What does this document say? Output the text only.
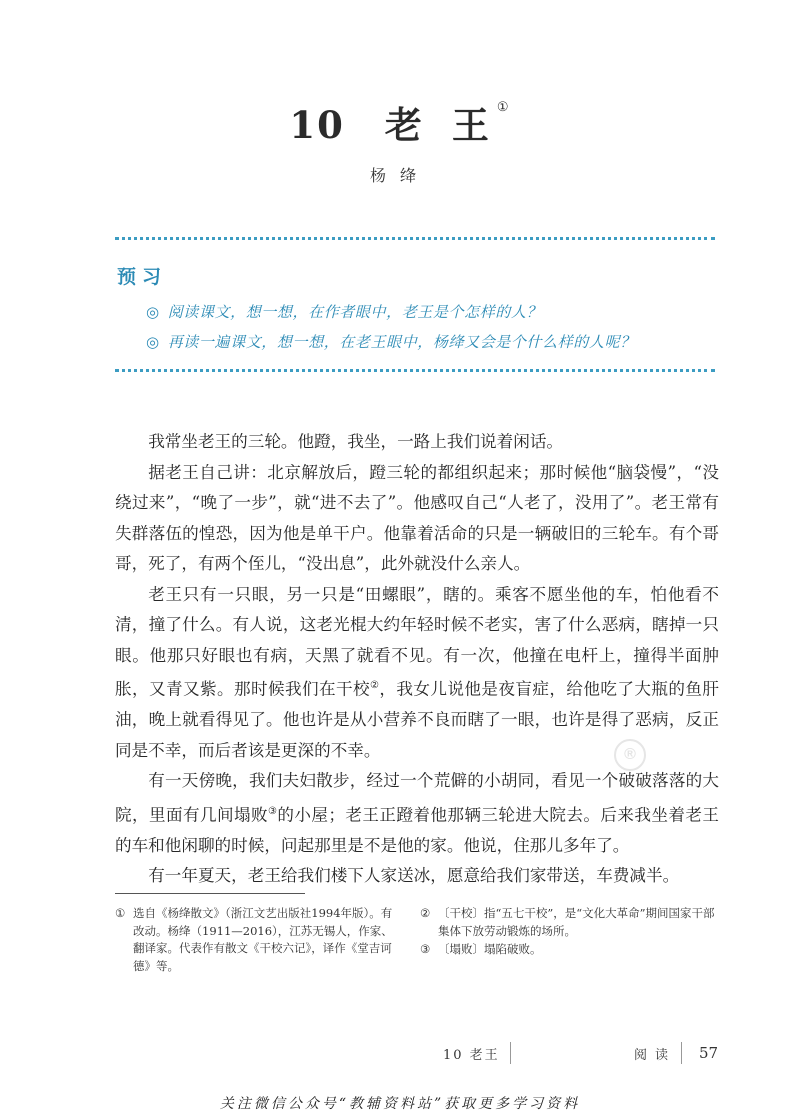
10 老 王 ①
杨绛
预习
◎ 阅读课文，想一想，在作者眼中，老王是个怎样的人？
◎ 再读一遍课文，想一想，在老王眼中，杨绛又会是个什么样的人呢？

我常坐老王的三轮。他蹬，我坐，一路上我们说着闲话。

据老王自己讲：北京解放后，蹬三轮的都组织起来；那时候他“脑袋慢”，“没绕过来”，“晚了一步”，就“进不去了”。他感叹自己“人老了，没用了”。老王常有失群落伍的惶恐，因为他是单干户。他靠着活命的只是一辆破旧的三轮车。有个哥哥，死了，有两个侄儿，“没出息”，此外就没什么亲人。

老王只有一只眼，另一只是“田螺眼”，瞎的。乘客不愿坐他的车，怕他看不清，撞了什么。有人说，这老光棍大约年轻时候不老实，害了什么恶病，瞎掉一只眼。他那只好眼也有病，天黑了就看不见。有一次，他撞在电杆上，撞得半面肿胀，又青又紫。那时候我们在干校②，我女儿说他是夜盲症，给他吃了大瓶的鱼肝油，晚上就看得见了。他也许是从小营养不良而瞎了一眼，也许是得了恶病，反正同是不幸，而后者该是更深的不幸。

有一天傍晚，我们夫妇散步，经过一个荒僻的小胡同，看见一个破破落落的大院，里面有几间塌败③的小屋；老王正蹬着他那辆三轮进大院去。后来我坐着老王的车和他闲聊的时候，问起那里是不是他的家。他说，住那儿多年了。

有一年夏天，老王给我们楼下人家送冰，愿意给我们家带送，车费减半。

®
① 选自《杨绛散文》（浙江文艺出版社1994年版）。有改动。杨绛（1911—2016），江苏无锡人，作家、翻译家。代表作有散文《干校六记》，译作《堂吉诃德》等。
② 〔干校〕指“五七干校”，是“文化大革命”期间国家干部集体下放劳动锻炼的场所。
③ 〔塌败〕塌陷破败。
10 老王	阅读 57
关注微信公众号“教辅资料站”获取更多学习资料
